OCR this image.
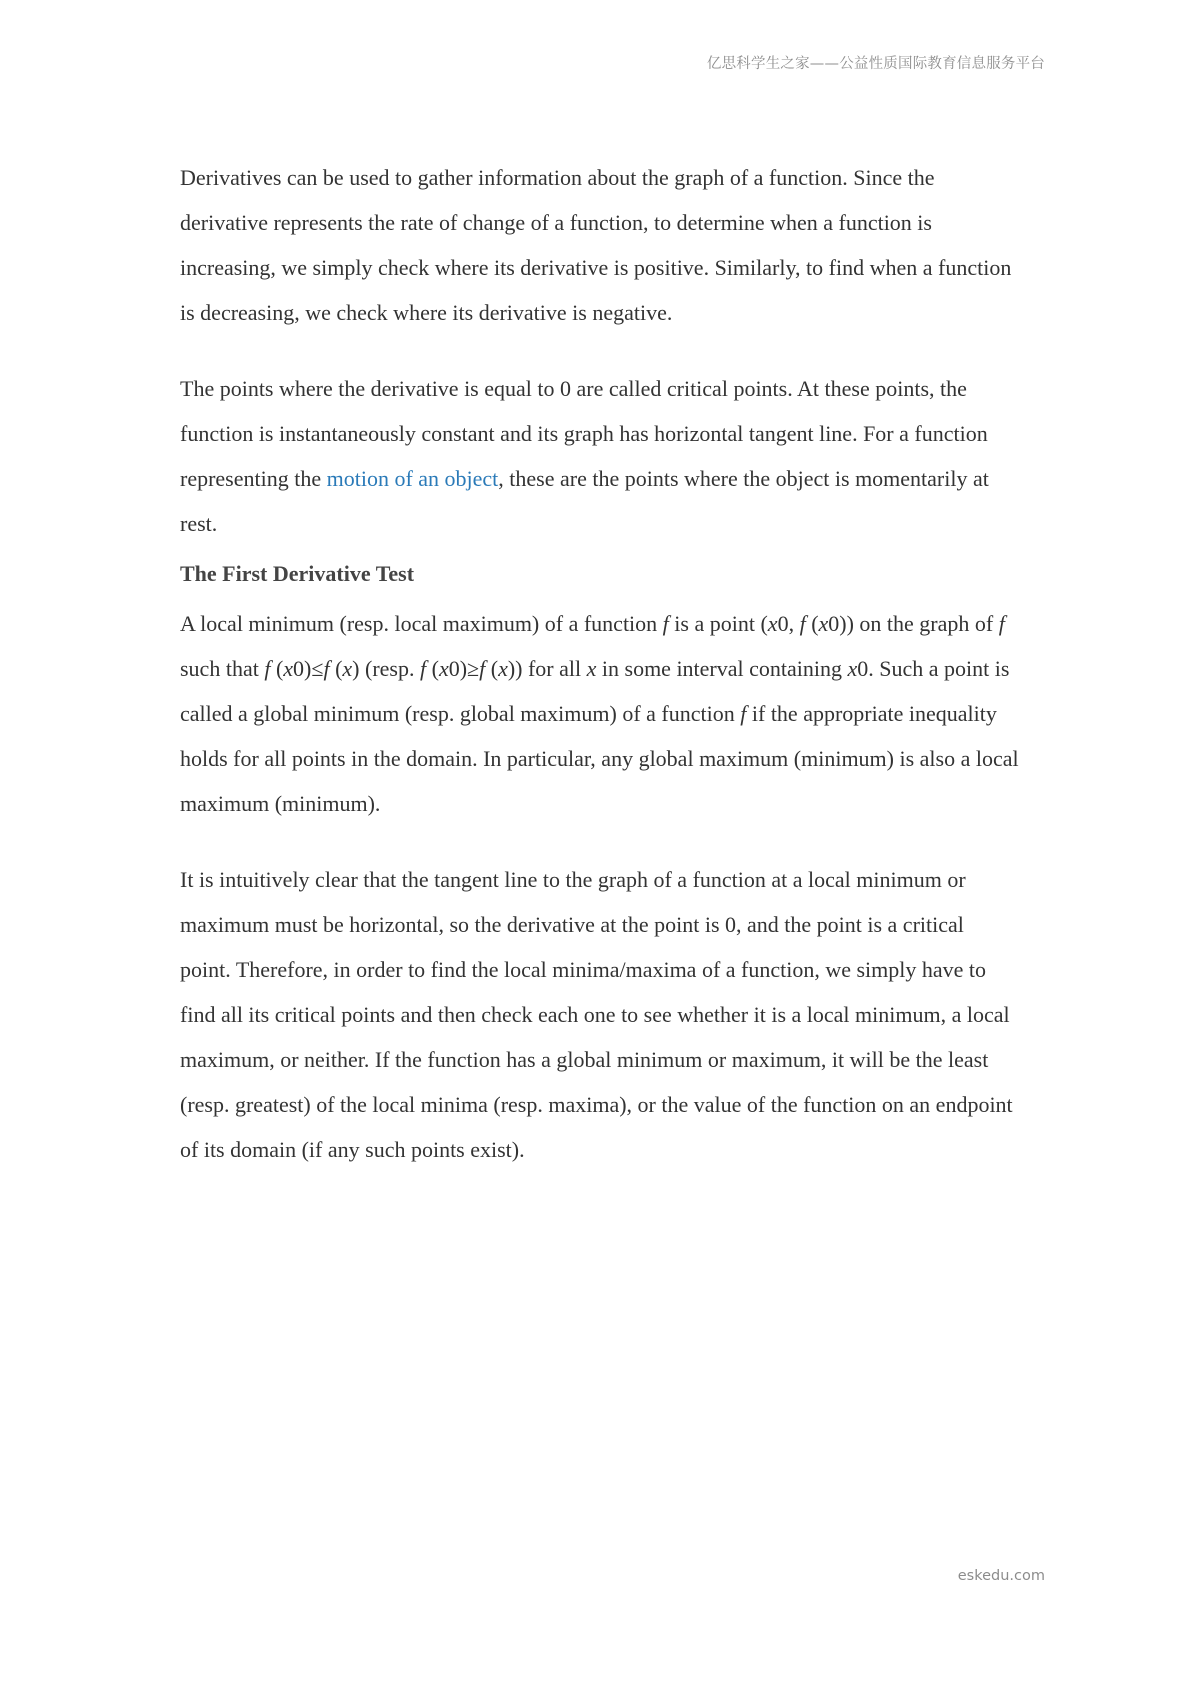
亿思科学生之家——公益性质国际教育信息服务平台

Derivatives can be used to gather information about the graph of a function. Since the derivative represents the rate of change of a function, to determine when a function is increasing, we simply check where its derivative is positive. Similarly, to find when a function is decreasing, we check where its derivative is negative.

The points where the derivative is equal to 0 are called critical points. At these points, the function is instantaneously constant and its graph has horizontal tangent line. For a function representing the motion of an object, these are the points where the object is momentarily at rest.

The First Derivative Test

A local minimum (resp. local maximum) of a function f is a point (x0, f (x0)) on the graph of f such that f (x0)≤f (x) (resp. f (x0)≥f (x)) for all x in some interval containing x0. Such a point is called a global minimum (resp. global maximum) of a function f if the appropriate inequality holds for all points in the domain. In particular, any global maximum (minimum) is also a local maximum (minimum).

It is intuitively clear that the tangent line to the graph of a function at a local minimum or maximum must be horizontal, so the derivative at the point is 0, and the point is a critical point. Therefore, in order to find the local minima/maxima of a function, we simply have to find all its critical points and then check each one to see whether it is a local minimum, a local maximum, or neither. If the function has a global minimum or maximum, it will be the least (resp. greatest) of the local minima (resp. maxima), or the value of the function on an endpoint of its domain (if any such points exist).

eskedu.com
